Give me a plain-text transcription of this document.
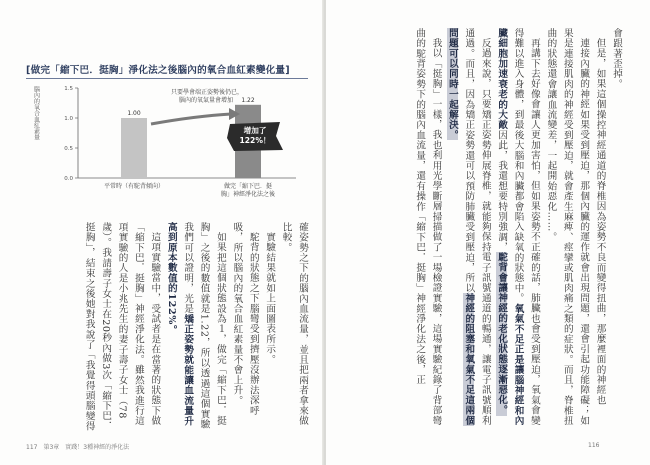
[做完「縮下巴．挺胸」淨化法之後腦內的氧合血紅素變化量]
腦內的氧合血紅素量
0.0
0.5
1.0
1.5
1.00
1.22
平常時（有駝背傾向）	做完「縮下巴．挺
胸」神經淨化法之後
只要學會端正姿勢後仍已，
腦內的氧氣量會增加
增加了
122%！

確姿勢之下的腦內血流量，並且把兩者拿來做比較。

實驗結果就如上面圖表所示。

駝背的狀態之下腦彎受到擠壓沒辦法深呼吸，所以腦內的氧合血紅素量不會上升。

如果把這個狀態設為１，做完「縮下巴．挺胸」之後的數值就是1.22，所以透過這個實驗我們可以證明，光是矯正姿勢就能讓血流量升高到原本數值的122%。

這項實驗當中，受試者是在當著的狀態下做「縮下巴．挺胸」神經淨化法。雖然我進行這項實驗的人是小兆先生的妻子壽子女士（78歲）。我請壽子女士在20秒內做3次「縮下巴．挺胸」，結束之後她對我說了「我覺得頭腦變得

117　第3章　實踐！3種神經的淨化法

會跟著歪掉。

但是，如果這個操控神經通道的脊椎因為姿勢不良而變得扭曲，那麼裡面的神經也

連接內臟的神經如果受到壓迫，那個內臟的運作就會出現問題，還會引起功能障礙；如果是連接肌肉的神經受到壓迫，就會產生麻痺、痙攣或肌肉痛之類的症狀。而且，脊椎扭曲的狀態還會讓血流變差，一起開始惡化……。

再講下去好像會讓人更加害怕，但如果姿勢不正確的話，肺臟也會受到壓迫，氧氣會變得難以進入身體，到最後大腦和內臟都會陷入缺氧的狀態中。氧氣不足正是讓腦神經和內臟細胞加速衰老的大敵因此，我還想要特別強調，駝背會讓神經的老化狀態逐漸惡化。

反過來說，只要矯正姿勢伸展脊椎，就能夠保持電子訊號通道的暢通，讓電子訊號順利通過。而且，因為矯正姿勢還可以預防肺臟受到壓迫，所以神經的阻塞和氧氣不足這兩個問題可以同時一起解決。

我以「挺胸」一樣，我也利用光學斷層掃描做了一場檢證實驗，這場實驗紀錄了背部彎曲的駝背姿勢下的腦內血流量，還有操作「縮下巴．挺胸」神經淨化法之後，正

116
